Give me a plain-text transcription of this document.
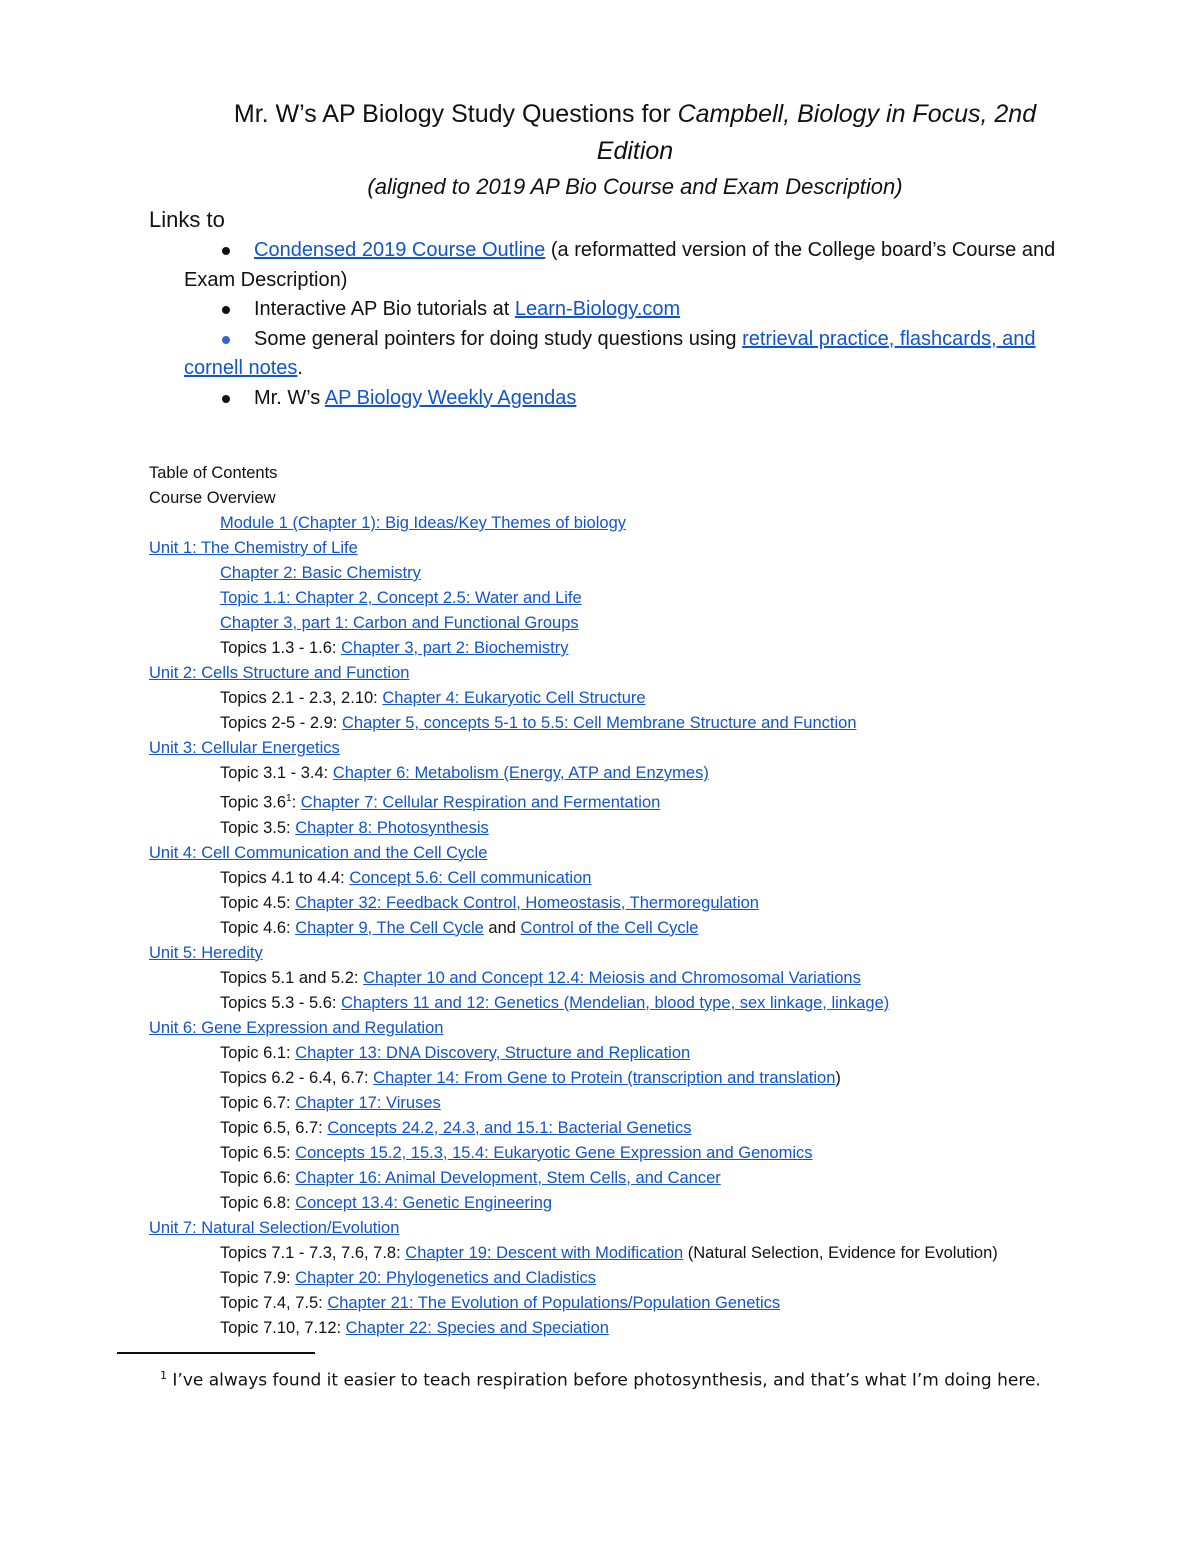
Mr. W’s AP Biology Study Questions for Campbell, Biology in Focus, 2nd
Edition
(aligned to 2019 AP Bio Course and Exam Description)
Links to
Condensed 2019 Course Outline (a reformatted version of the College board’s Course and Exam Description)
Interactive AP Bio tutorials at Learn-Biology.com
Some general pointers for doing study questions using retrieval practice, flashcards, and cornell notes.
Mr. W’s AP Biology Weekly Agendas
Table of Contents
Course Overview
Module 1 (Chapter 1): Big Ideas/Key Themes of biology
Unit 1: The Chemistry of Life
Chapter 2: Basic Chemistry
Topic 1.1: Chapter 2, Concept 2.5: Water and Life
Chapter 3, part 1: Carbon and Functional Groups
Topics 1.3 - 1.6: Chapter 3, part 2: Biochemistry
Unit 2: Cells Structure and Function
Topics 2.1 - 2.3, 2.10: Chapter 4: Eukaryotic Cell Structure
Topics 2-5 - 2.9: Chapter 5, concepts 5-1 to 5.5: Cell Membrane Structure and Function
Unit 3: Cellular Energetics
Topic 3.1 - 3.4: Chapter 6: Metabolism (Energy, ATP and Enzymes)
Topic $3.6^1$: Chapter 7: Cellular Respiration and Fermentation
Topic 3.5: Chapter 8: Photosynthesis
Unit 4: Cell Communication and the Cell Cycle
Topics 4.1 to 4.4: Concept 5.6: Cell communication
Topic 4.5: Chapter 32: Feedback Control, Homeostasis, Thermoregulation
Topic 4.6: Chapter 9, The Cell Cycle and Control of the Cell Cycle
Unit 5: Heredity
Topics 5.1 and 5.2: Chapter 10 and Concept 12.4: Meiosis and Chromosomal Variations
Topics 5.3 - 5.6: Chapters 11 and 12: Genetics (Mendelian, blood type, sex linkage, linkage)
Unit 6: Gene Expression and Regulation
Topic 6.1: Chapter 13: DNA Discovery, Structure and Replication
Topics 6.2 - 6.4, 6.7: Chapter 14: From Gene to Protein (transcription and translation)
Topic 6.7: Chapter 17: Viruses
Topic 6.5, 6.7: Concepts 24.2, 24.3, and 15.1: Bacterial Genetics
Topic 6.5: Concepts 15.2, 15.3, 15.4: Eukaryotic Gene Expression and Genomics
Topic 6.6: Chapter 16: Animal Development, Stem Cells, and Cancer
Topic 6.8: Concept 13.4: Genetic Engineering
Unit 7: Natural Selection/Evolution
Topics 7.1 - 7.3, 7.6, 7.8: Chapter 19: Descent with Modification (Natural Selection, Evidence for Evolution)
Topic 7.9: Chapter 20: Phylogenetics and Cladistics
Topic 7.4, 7.5: Chapter 21: The Evolution of Populations/Population Genetics
Topic 7.10, 7.12: Chapter 22: Species and Speciation
$^1$ I’ve always found it easier to teach respiration before photosynthesis, and that’s what I’m doing here.
